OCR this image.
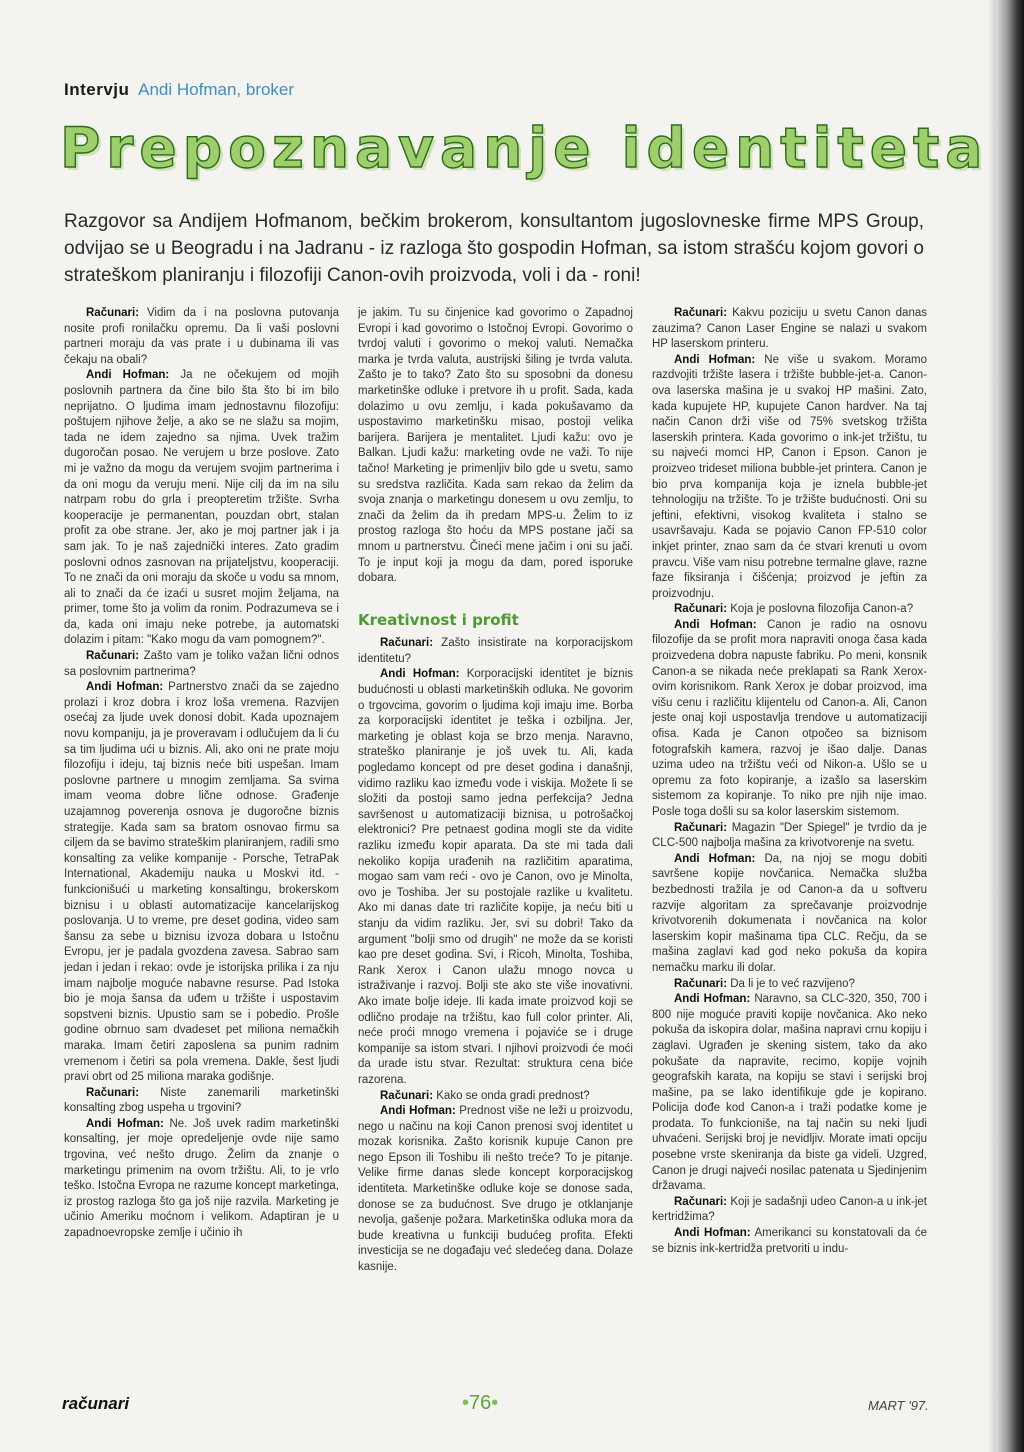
Intervju Andi Hofman, broker
Prepoznavanje identiteta

Razgovor sa Andijem Hofmanom, bečkim brokerom, konsultantom jugoslovneske firme MPS Group, odvijao se u Beogradu i na Jadranu - iz razloga što gospodin Hofman, sa istom strašću kojom govori o strateškom planiranju i filozofiji Canon-ovih proizvoda, voli i da - roni!

Računari: Vidim da i na poslovna putovanja nosite profi ronilačku opremu. Da li vaši poslovni partneri moraju da vas prate i u dubinama ili vas čekaju na obali?

Andi Hofman: Ja ne očekujem od mojih poslovnih partnera da čine bilo šta što bi im bilo neprijatno. O ljudima imam jednostavnu filozofiju: poštujem njihove želje, a ako se ne slažu sa mojim, tada ne idem zajedno sa njima. Uvek tražim dugoročan posao. Ne verujem u brze poslove. Zato mi je važno da mogu da verujem svojim partnerima i da oni mogu da veruju meni. Nije cilj da im na silu natrpam robu do grla i preopteretim tržište. Svrha kooperacije je permanentan, pouzdan obrt, stalan profit za obe strane. Jer, ako je moj partner jak i ja sam jak. To je naš zajednički interes. Zato gradim poslovni odnos zasnovan na prijateljstvu, kooperaciji. To ne znači da oni moraju da skoče u vodu sa mnom, ali to znači da će izaći u susret mojim željama, na primer, tome što ja volim da ronim. Podrazumeva se i da, kada oni imaju neke potrebe, ja automatski dolazim i pitam: "Kako mogu da vam pomognem?".

Računari: Zašto vam je toliko važan lični odnos sa poslovnim partnerima?

Andi Hofman: Partnerstvo znači da se zajedno prolazi i kroz dobra i kroz loša vremena. Razvijen osećaj za ljude uvek donosi dobit. Kada upoznajem novu kompaniju, ja je proveravam i odlučujem da li ću sa tim ljudima ući u biznis. Ali, ako oni ne prate moju filozofiju i ideju, taj biznis neće biti uspešan. Imam poslovne partnere u mnogim zemljama. Sa svima imam veoma dobre lične odnose. Građenje uzajamnog poverenja osnova je dugoročne biznis strategije. Kada sam sa bratom osnovao firmu sa ciljem da se bavimo strateškim planiranjem, radili smo konsalting za velike kompanije - Porsche, TetraPak International, Akademiju nauka u Moskvi itd. - funkcionišući u marketing konsaltingu, brokerskom biznisu i u oblasti automatizacije kancelarijskog poslovanja. U to vreme, pre deset godina, video sam šansu za sebe u biznisu izvoza dobara u Istočnu Evropu, jer je padala gvozdena zavesa. Sabrao sam jedan i jedan i rekao: ovde je istorijska prilika i za nju imam najbolje moguće nabavne resurse. Pad Istoka bio je moja šansa da uđem u tržište i uspostavim sopstveni biznis. Upustio sam se i pobedio. Prošle godine obrnuo sam dvadeset pet miliona nemačkih maraka. Imam četiri zaposlena sa punim radnim vremenom i četiri sa pola vremena. Dakle, šest ljudi pravi obrt od 25 miliona maraka godišnje.

Računari: Niste zanemarili marketinški konsalting zbog uspeha u trgovini?

Andi Hofman: Ne. Još uvek radim marketinški konsalting, jer moje opredeljenje ovde nije samo trgovina, već nešto drugo. Želim da znanje o marketingu primenim na ovom tržištu. Ali, to je vrlo teško. Istočna Evropa ne razume koncept marketinga, iz prostog razloga što ga još nije razvila. Marketing je učinio Ameriku moćnom i velikom. Adaptiran je u zapadnoevropske zemlje i učinio ih

je jakim. Tu su činjenice kad govorimo o Zapadnoj Evropi i kad govorimo o Istočnoj Evropi. Govorimo o tvrdoj valuti i govorimo o mekoj valuti. Nemačka marka je tvrda valuta, austrijski šiling je tvrda valuta. Zašto je to tako? Zato što su sposobni da donesu marketinške odluke i pretvore ih u profit. Sada, kada dolazimo u ovu zemlju, i kada pokušavamo da uspostavimo marketinšku misao, postoji velika barijera. Barijera je mentalitet. Ljudi kažu: ovo je Balkan. Ljudi kažu: marketing ovde ne važi. To nije tačno! Marketing je primenljiv bilo gde u svetu, samo su sredstva različita. Kada sam rekao da želim da svoja znanja o marketingu donesem u ovu zemlju, to znači da želim da ih predam MPS-u. Želim to iz prostog razloga što hoću da MPS postane jači sa mnom u partnerstvu. Čineći mene jačim i oni su jači. To je input koji ja mogu da dam, pored isporuke dobara.

Kreativnost i profit

Računari: Zašto insistirate na korporacijskom identitetu?

Andi Hofman: Korporacijski identitet je biznis budućnosti u oblasti marketinških odluka. Ne govorim o trgovcima, govorim o ljudima koji imaju ime. Borba za korporacijski identitet je teška i ozbiljna. Jer, marketing je oblast koja se brzo menja. Naravno, strateško planiranje je još uvek tu. Ali, kada pogledamo koncept od pre deset godina i današnji, vidimo razliku kao između vode i viskija. Možete li se složiti da postoji samo jedna perfekcija? Jedna savršenost u automatizaciji biznisa, u potrošačkoj elektronici? Pre petnaest godina mogli ste da vidite razliku između kopir aparata. Da ste mi tada dali nekoliko kopija urađenih na različitim aparatima, mogao sam vam reći - ovo je Canon, ovo je Minolta, ovo je Toshiba. Jer su postojale razlike u kvalitetu. Ako mi danas date tri različite kopije, ja neću biti u stanju da vidim razliku. Jer, svi su dobri! Tako da argument "bolji smo od drugih" ne može da se koristi kao pre deset godina. Svi, i Ricoh, Minolta, Toshiba, Rank Xerox i Canon ulažu mnogo novca u istraživanje i razvoj. Bolji ste ako ste više inovativni. Ako imate bolje ideje. Ili kada imate proizvod koji se odlično prodaje na tržištu, kao full color printer. Ali, neće proći mnogo vremena i pojaviće se i druge kompanije sa istom stvari. I njihovi proizvodi će moći da urade istu stvar. Rezultat: struktura cena biće razorena.

Računari: Kako se onda gradi prednost?

Andi Hofman: Prednost više ne leži u proizvodu, nego u načinu na koji Canon prenosi svoj identitet u mozak korisnika. Zašto korisnik kupuje Canon pre nego Epson ili Toshibu ili nešto treće? To je pitanje. Velike firme danas slede koncept korporacijskog identiteta. Marketinške odluke koje se donose sada, donose se za budućnost. Sve drugo je otklanjanje nevolja, gašenje požara. Marketinška odluka mora da bude kreativna u funkciji budućeg profita. Efekti investicija se ne događaju već sledećeg dana. Dolaze kasnije.

Računari: Kakvu poziciju u svetu Canon danas zauzima? Canon Laser Engine se nalazi u svakom HP laserskom printeru.

Andi Hofman: Ne više u svakom. Moramo razdvojiti tržište lasera i tržište bubble-jet-a. Canon-ova laserska mašina je u svakoj HP mašini. Zato, kada kupujete HP, kupujete Canon hardver. Na taj način Canon drži više od 75% svetskog tržišta laserskih printera. Kada govorimo o ink-jet tržištu, tu su najveći momci HP, Canon i Epson. Canon je proizveo trideset miliona bubble-jet printera. Canon je bio prva kompanija koja je iznela bubble-jet tehnologiju na tržište. To je tržište budućnosti. Oni su jeftini, efektivni, visokog kvaliteta i stalno se usavršavaju. Kada se pojavio Canon FP-510 color inkjet printer, znao sam da će stvari krenuti u ovom pravcu. Više vam nisu potrebne termalne glave, razne faze fiksiranja i čišćenja; proizvod je jeftin za proizvodnju.

Računari: Koja je poslovna filozofija Canon-a?

Andi Hofman: Canon je radio na osnovu filozofije da se profit mora napraviti onoga časa kada proizvedena dobra napuste fabriku. Po meni, konsnik Canon-a se nikada neće preklapati sa Rank Xerox-ovim korisnikom. Rank Xerox je dobar proizvod, ima višu cenu i različitu klijentelu od Canon-a. Ali, Canon jeste onaj koji uspostavlja trendove u automatizaciji ofisa. Kada je Canon otpočeo sa biznisom fotografskih kamera, razvoj je išao dalje. Danas uzima udeo na tržištu veći od Nikon-a. Ušlo se u opremu za foto kopiranje, a izašlo sa laserskim sistemom za kopiranje. To niko pre njih nije imao. Posle toga došli su sa kolor laserskim sistemom.

Računari: Magazin "Der Spiegel" je tvrdio da je CLC-500 najbolja mašina za krivotvorenje na svetu.

Andi Hofman: Da, na njoj se mogu dobiti savršene kopije novčanica. Nemačka služba bezbednosti tražila je od Canon-a da u softveru razvije algoritam za sprečavanje proizvodnje krivotvorenih dokumenata i novčanica na kolor laserskim kopir mašinama tipa CLC. Rečju, da se mašina zaglavi kad god neko pokuša da kopira nemačku marku ili dolar.

Računari: Da li je to već razvijeno?

Andi Hofman: Naravno, sa CLC-320, 350, 700 i 800 nije moguće praviti kopije novčanica. Ako neko pokuša da iskopira dolar, mašina napravi crnu kopiju i zaglavi. Ugrađen je skening sistem, tako da ako pokušate da napravite, recimo, kopije vojnih geografskih karata, na kopiju se stavi i serijski broj mašine, pa se lako identifikuje gde je kopirano. Policija dođe kod Canon-a i traži podatke kome je prodata. To funkcioniše, na taj način su neki ljudi uhvaćeni. Serijski broj je nevidljiv. Morate imati opciju posebne vrste skeniranja da biste ga videli. Uzgred, Canon je drugi najveći nosilac patenata u Sjedinjenim državama.

Računari: Koji je sadašnji udeo Canon-a u ink-jet kertridžima?

Andi Hofman: Amerikanci su konstatovali da će se biznis ink-kertridža pretvoriti u indu-

računari	•76•	MART '97.
